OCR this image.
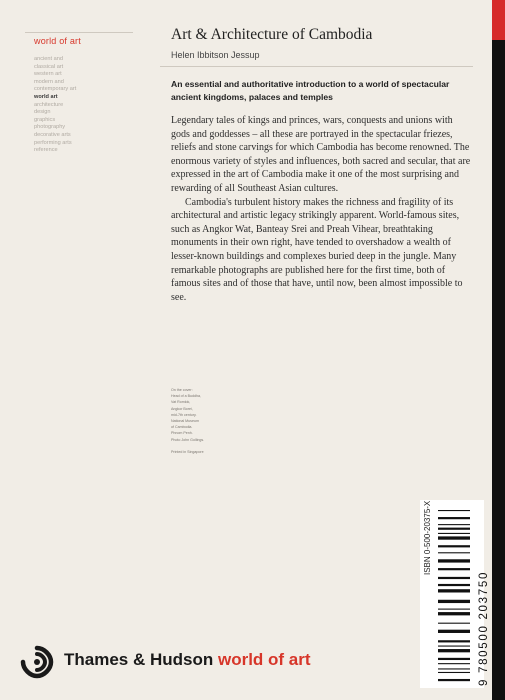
world of art
ancient and
classical art
western art
modern and
contemporary art
world art
architecture
design
graphics
photography
decorative arts
performing arts
reference
Art & Architecture of Cambodia
Helen Ibbitson Jessup
An essential and authoritative introduction to a world of spectacular ancient kingdoms, palaces and temples

Legendary tales of kings and princes, wars, conquests and unions with gods and goddesses – all these are portrayed in the spectacular friezes, reliefs and stone carvings for which Cambodia has become renowned. The enormous variety of styles and influences, both sacred and secular, that are expressed in the art of Cambodia make it one of the most surprising and rewarding of all Southeast Asian cultures.

Cambodia's turbulent history makes the richness and fragility of its architectural and artistic legacy strikingly apparent. World-famous sites, such as Angkor Wat, Banteay Srei and Preah Vihear, breathtaking monuments in their own right, have tended to overshadow a wealth of lesser-known buildings and complexes buried deep in the jungle. Many remarkable photographs are published here for the first time, both of famous sites and of those that have, until now, been almost impossible to see.

On the cover:
Head of a Buddha,
Vat Romlok,
Angkor Borei,
mid-7th century.
National Museum
of Cambodia.
Phnom Penh.
Photo John Gollings.
Printed in Singapore
Thames & Hudson world of art
ISBN 0-500-20375-X
9 780500 203750
